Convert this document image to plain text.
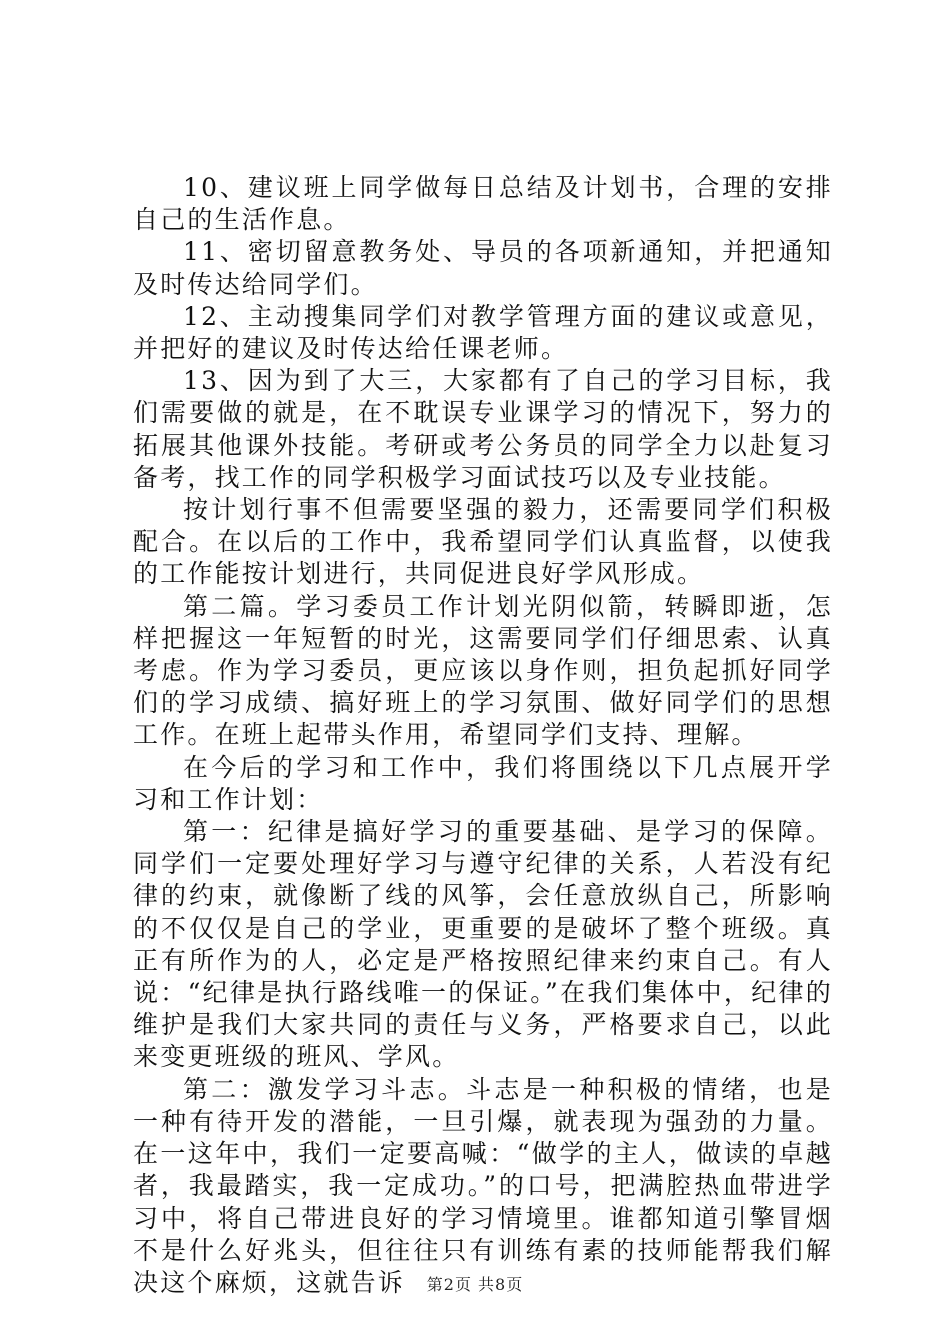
10、建议班上同学做每日总结及计划书，合理的安排自己的生活作息。

11、密切留意教务处、导员的各项新通知，并把通知及时传达给同学们。

12、主动搜集同学们对教学管理方面的建议或意见，并把好的建议及时传达给任课老师。

13、因为到了大三，大家都有了自己的学习目标，我们需要做的就是，在不耽误专业课学习的情况下，努力的拓展其他课外技能。考研或考公务员的同学全力以赴复习备考，找工作的同学积极学习面试技巧以及专业技能。

按计划行事不但需要坚强的毅力，还需要同学们积极配合。在以后的工作中，我希望同学们认真监督，以使我的工作能按计划进行，共同促进良好学风形成。

第二篇。学习委员工作计划光阴似箭，转瞬即逝，怎样把握这一年短暂的时光，这需要同学们仔细思索、认真考虑。作为学习委员，更应该以身作则，担负起抓好同学们的学习成绩、搞好班上的学习氛围、做好同学们的思想工作。在班上起带头作用，希望同学们支持、理解。

在今后的学习和工作中，我们将围绕以下几点展开学习和工作计划：

第一：纪律是搞好学习的重要基础、是学习的保障。同学们一定要处理好学习与遵守纪律的关系，人若没有纪律的约束，就像断了线的风筝，会任意放纵自己，所影响的不仅仅是自己的学业，更重要的是破坏了整个班级。真正有所作为的人，必定是严格按照纪律来约束自己。有人说：“纪律是执行路线唯一的保证。”在我们集体中，纪律的维护是我们大家共同的责任与义务，严格要求自己，以此来变更班级的班风、学风。

第二：激发学习斗志。斗志是一种积极的情绪，也是一种有待开发的潜能，一旦引爆，就表现为强劲的力量。在一这年中，我们一定要高喊：“做学的主人，做读的卓越者，我最踏实，我一定成功。”的口号，把满腔热血带进学习中，将自己带进良好的学习情境里。谁都知道引擎冒烟不是什么好兆头，但往往只有训练有素的技师能帮我们解决这个麻烦，这就告诉	第2页 共8页
